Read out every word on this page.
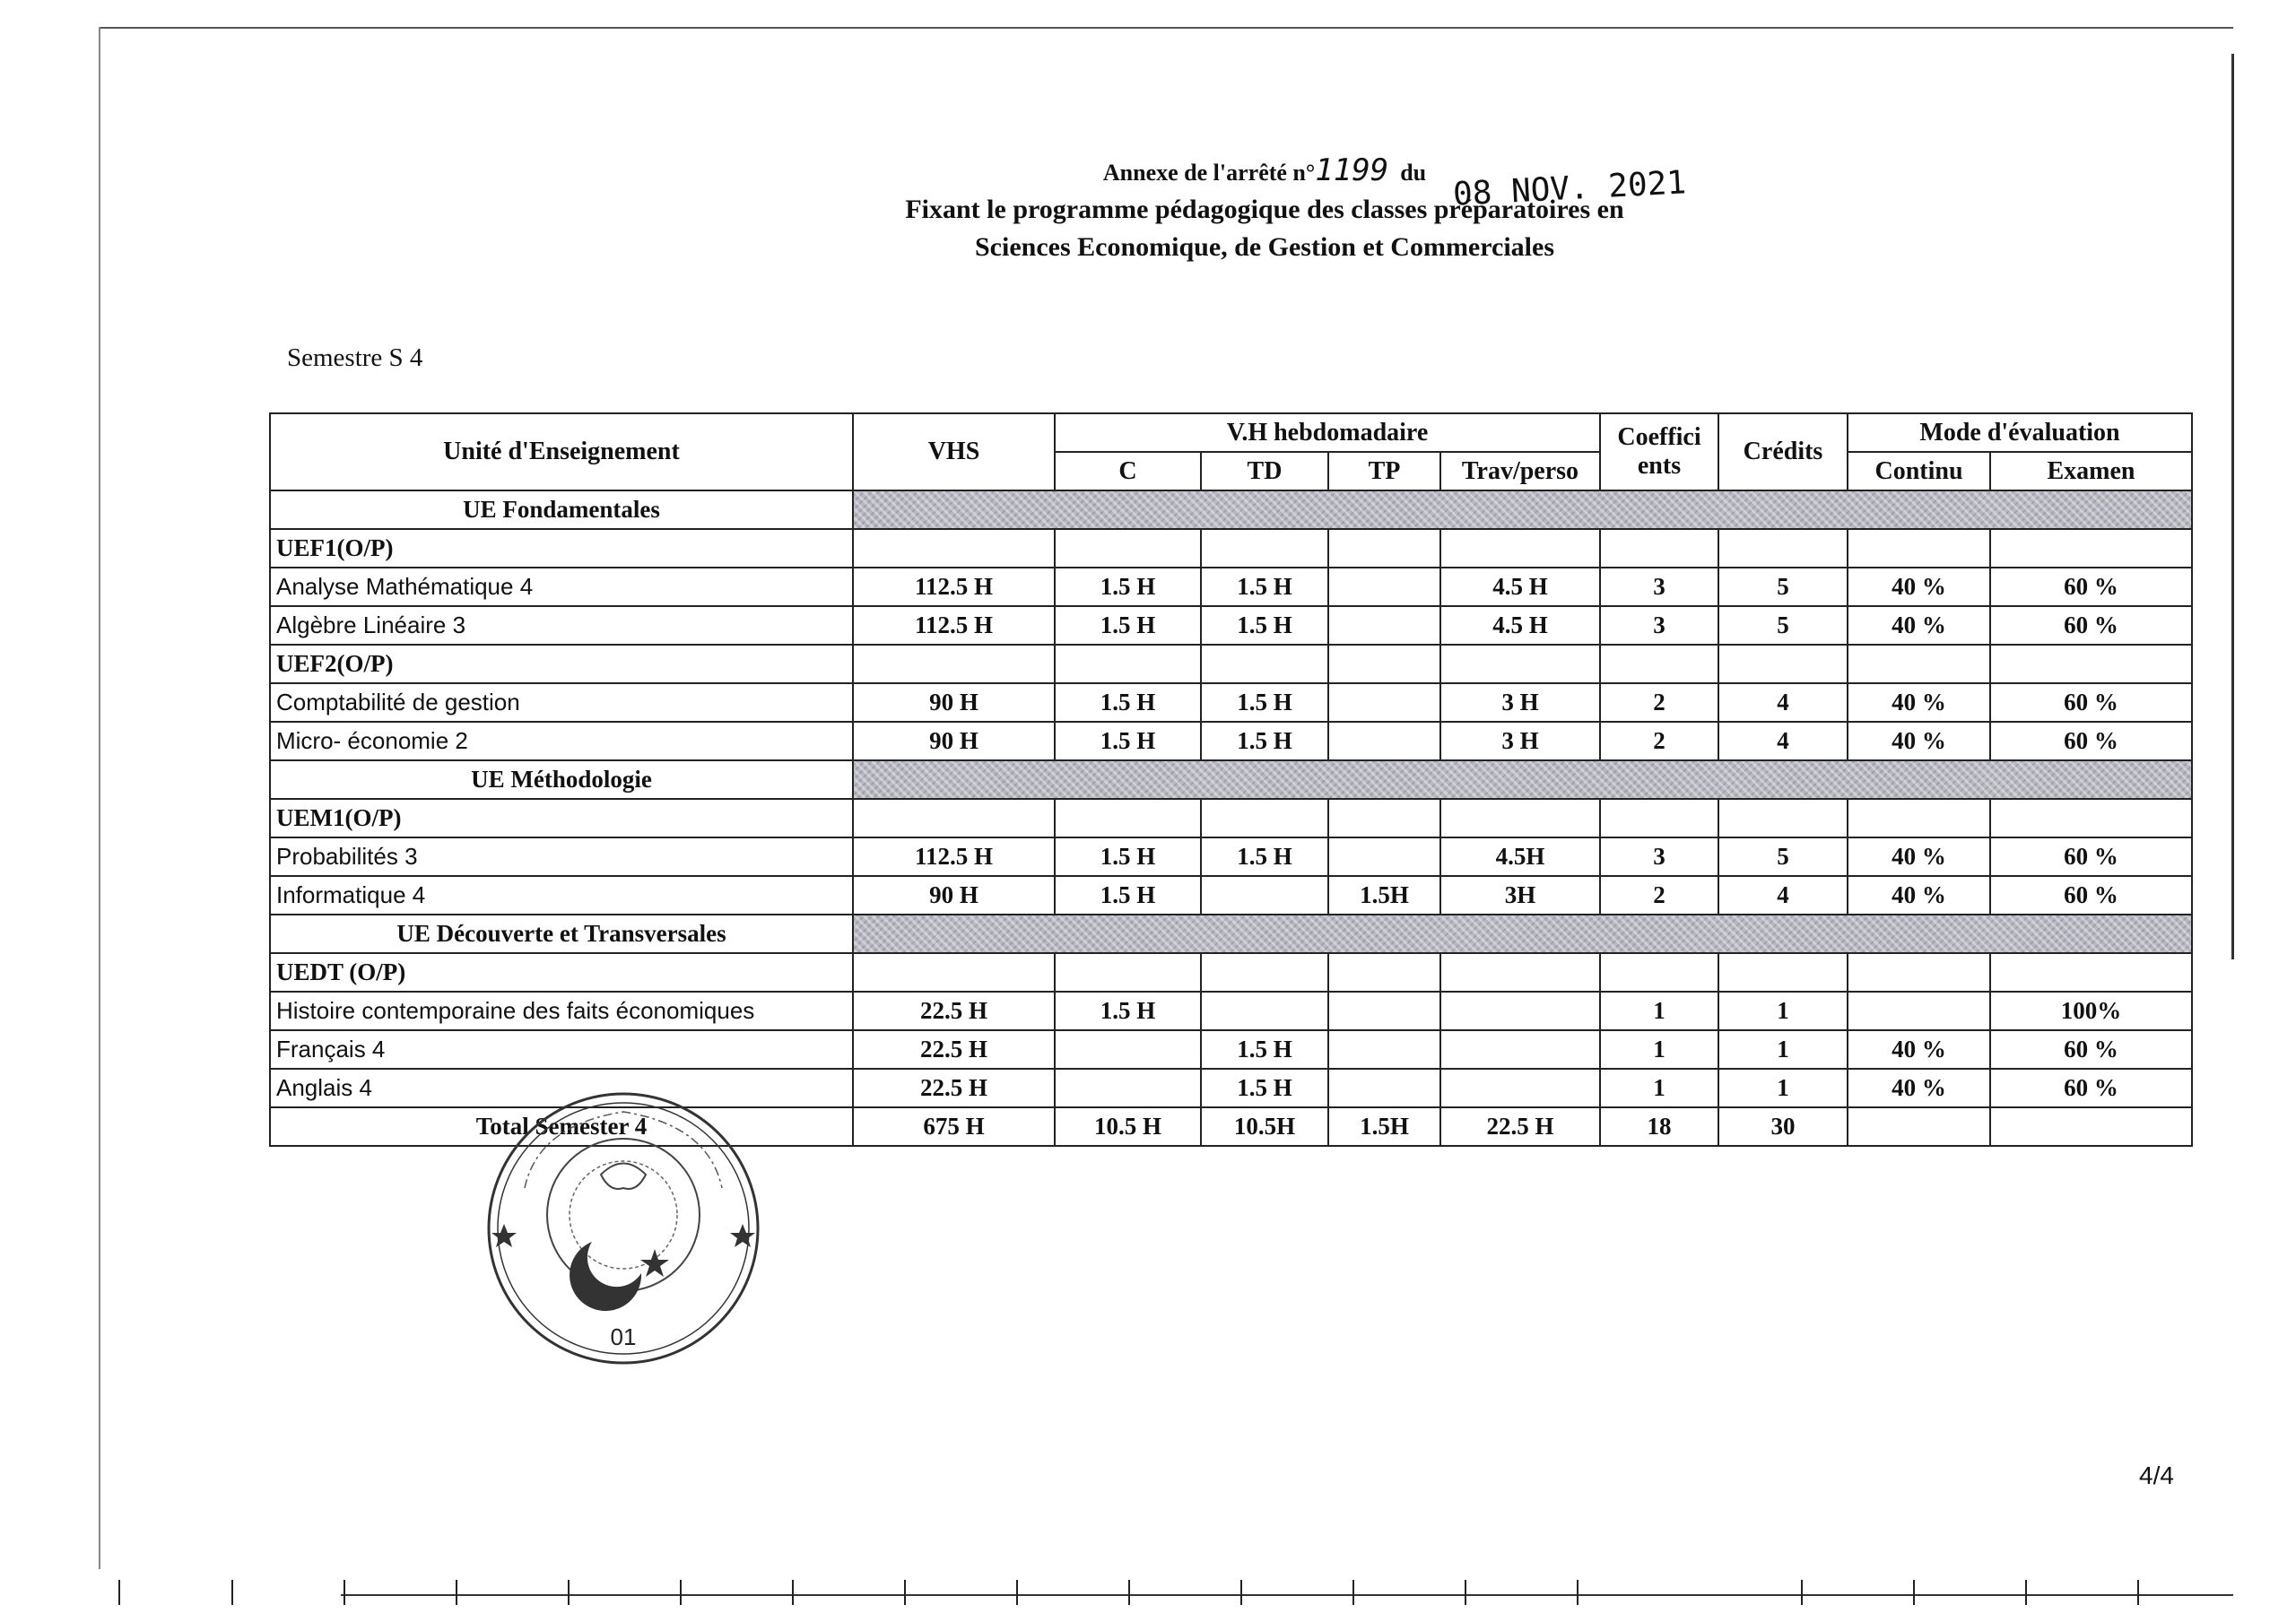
Annexe de l'arrêté n°1199 du
Fixant le programme pédagogique des classes préparatoires en
Sciences Economique, de Gestion et Commerciales
08 NOV. 2021
Semestre S 4
Unité d'Enseignement	VHS	V.H hebdomadaire				Coeffici
ents	Crédits	Mode d'évaluation	
		C	TD	TP	Trav/perso			Continu	Examen
UE Fondamentales									
UEF1(O/P)									
Analyse Mathématique 4	112.5 H	1.5 H	1.5 H		4.5 H	3	5	40 %	60 %
Algèbre Linéaire 3	112.5 H	1.5 H	1.5 H		4.5 H	3	5	40 %	60 %
UEF2(O/P)									
Comptabilité de gestion	90 H	1.5 H	1.5 H		3 H	2	4	40 %	60 %
Micro- économie 2	90 H	1.5 H	1.5 H		3 H	2	4	40 %	60 %
UE Méthodologie									
UEM1(O/P)									
Probabilités 3	112.5 H	1.5 H	1.5 H		4.5H	3	5	40 %	60 %
Informatique 4	90 H	1.5 H		1.5H	3H	2	4	40 %	60 %
UE Découverte et Transversales									
UEDT (O/P)									
Histoire contemporaine des faits économiques	22.5 H	1.5 H				1	1		100%
Français 4	22.5 H		1.5 H			1	1	40 %	60 %
Anglais 4	22.5 H		1.5 H			1	1	40 %	60 %
Total Semester 4	675 H	10.5 H	10.5H	1.5H	22.5 H	18	30		
01
4/4
